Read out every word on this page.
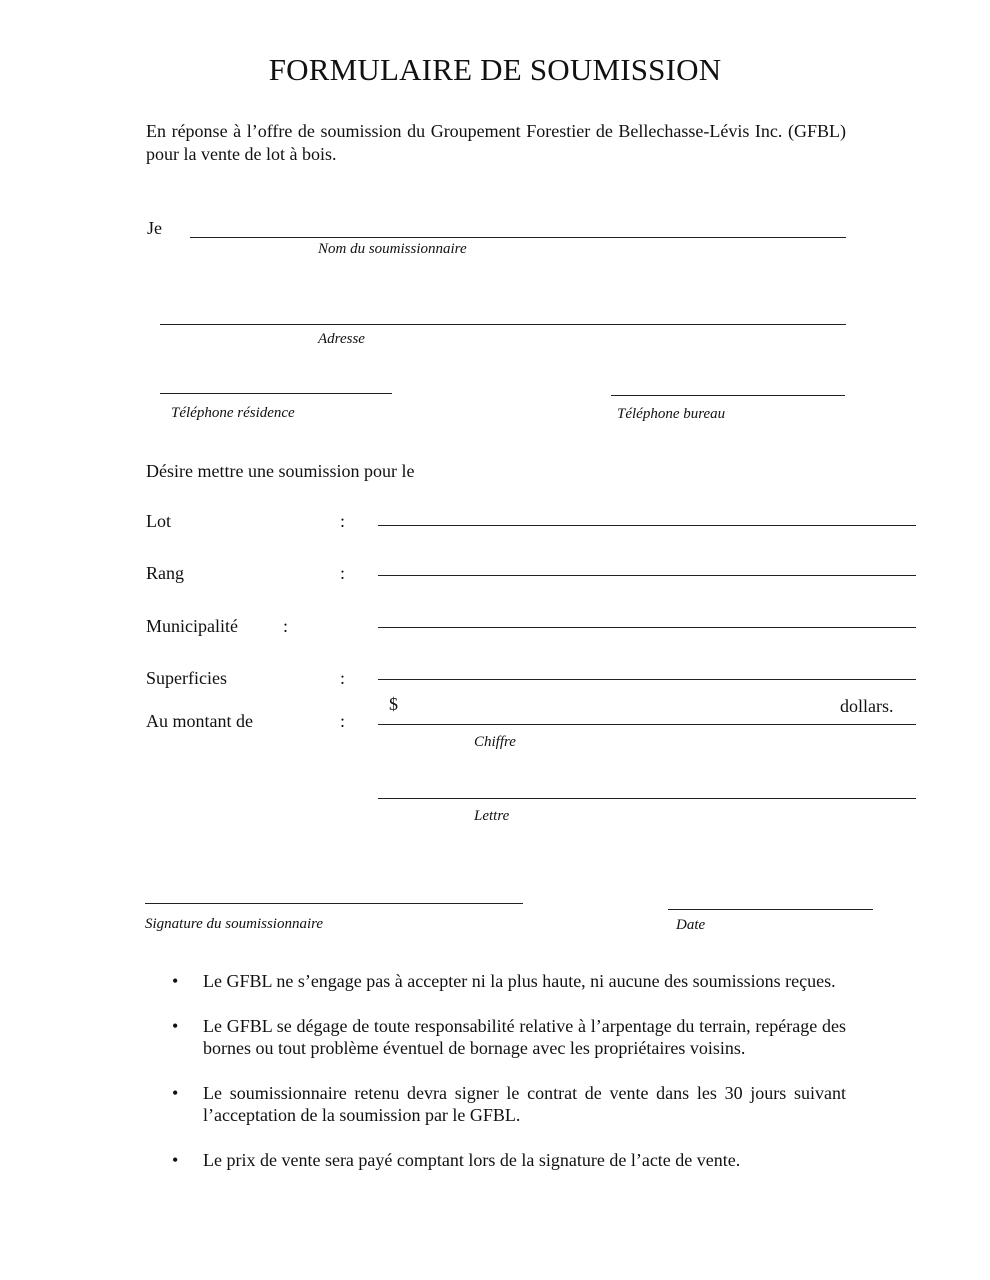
FORMULAIRE DE SOUMISSION
En réponse à l’offre de soumission du Groupement Forestier de Bellechasse-Lévis Inc. (GFBL) pour la vente de lot à bois.
Je
Nom du soumissionnaire
Adresse
Téléphone résidence	Téléphone bureau
Désire mettre une soumission pour le
Lot	:
Rang	:
Municipalité	:
Superficies	:
Au montant de	:
$	dollars.
Chiffre
Lettre
Signature du soumissionnaire	Date
• Le GFBL ne s’engage pas à accepter ni la plus haute, ni aucune des soumissions reçues.
• Le GFBL se dégage de toute responsabilité relative à l’arpentage du terrain, repérage des bornes ou tout problème éventuel de bornage avec les propriétaires voisins.
• Le soumissionnaire retenu devra signer le contrat de vente dans les 30 jours suivant l’acceptation de la soumission par le GFBL.
• Le prix de vente sera payé comptant lors de la signature de l’acte de vente.
